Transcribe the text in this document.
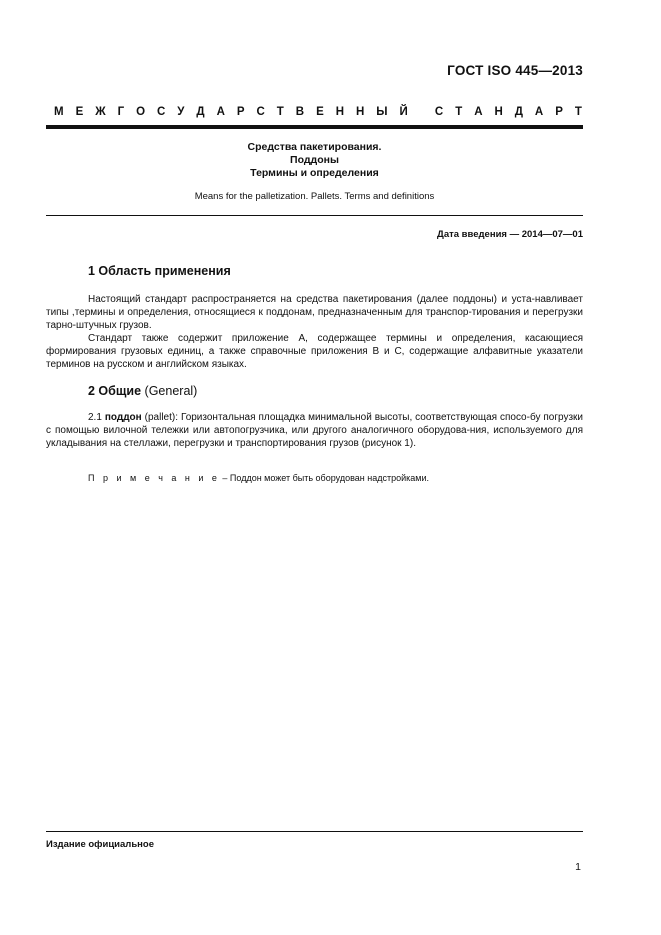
ГОСТ ISO 445—2013
М Е Ж Г О С У Д А Р С Т В Е Н Н Ы Й
С Т А Н Д А Р Т
Средства пакетирования.
Поддоны
Термины и определения
Means for the palletization. Pallets. Terms and definitions
Дата введения — 2014—07—01
1 Область применения

Настоящий стандарт распространяется на средства пакетирования (далее поддоны) и уста-навливает типы ,термины и определения, относящиеся к поддонам, предназначенным для транспор-тирования и перегрузки тарно-штучных грузов.

Стандарт также содержит приложение А, содержащее термины и определения, касающиеся формирования грузовых единиц, а также справочные приложения В и С, содержащие алфавитные указатели терминов на русском и английском языках.

2 Общие (General)

2.1 поддон (pallet): Горизонтальная площадка минимальной высоты, соответствующая спосо-бу погрузки с помощью вилочной тележки или автопогрузчика, или другого аналогичного оборудова-ния, используемого для укладывания на стеллажи, перегрузки и транспортирования грузов (рисунок 1).

П р и м е ч а н и е – Поддон может быть оборудован надстройками.
Издание официальное
1
